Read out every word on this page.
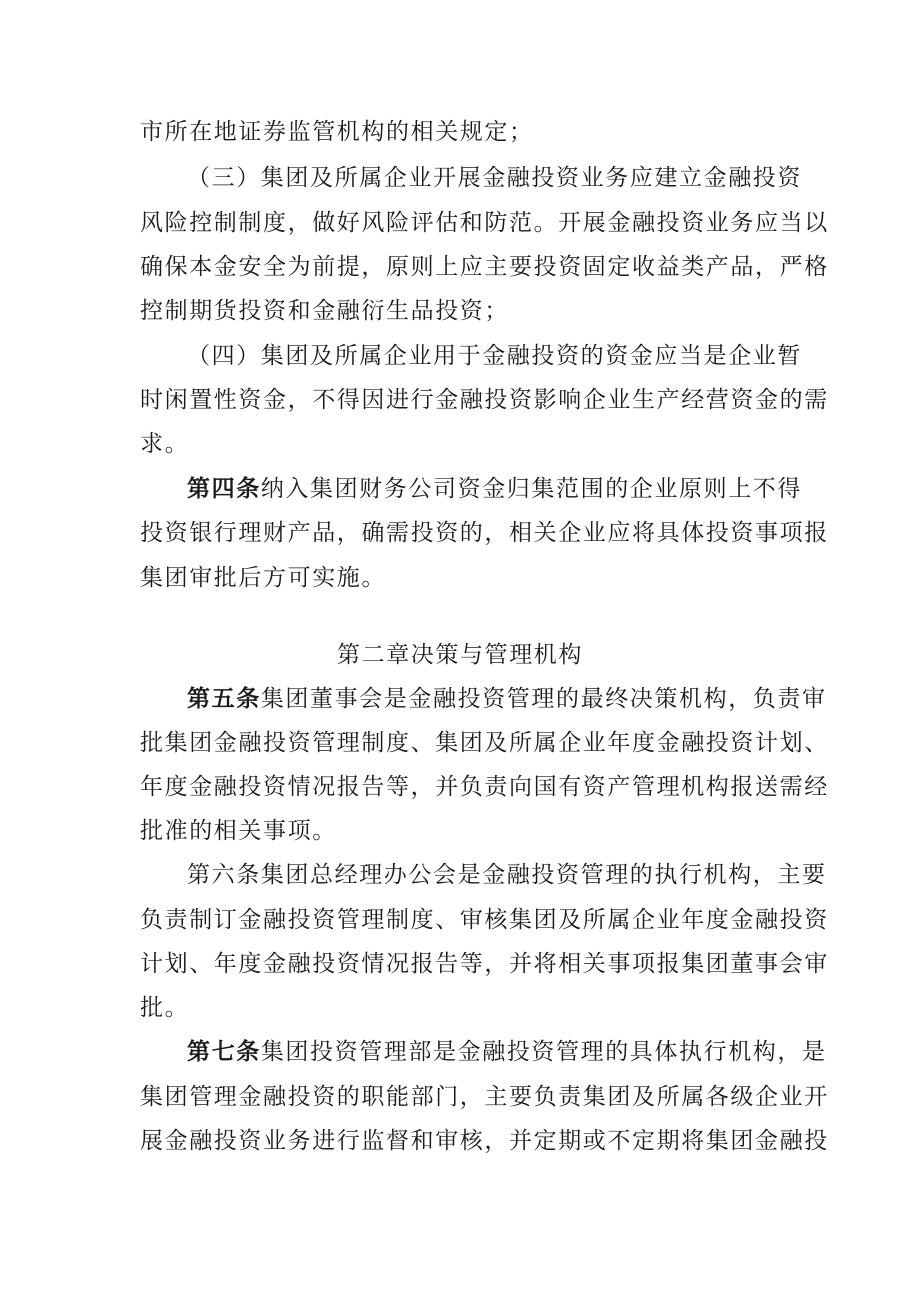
市所在地证券监管机构的相关规定；
（三）集团及所属企业开展金融投资业务应建立金融投资
风险控制制度，做好风险评估和防范。开展金融投资业务应当以
确保本金安全为前提，原则上应主要投资固定收益类产品，严格
控制期货投资和金融衍生品投资；
（四）集团及所属企业用于金融投资的资金应当是企业暂
时闲置性资金，不得因进行金融投资影响企业生产经营资金的需
求。
第四条纳入集团财务公司资金归集范围的企业原则上不得
投资银行理财产品，确需投资的，相关企业应将具体投资事项报
集团审批后方可实施。
第二章决策与管理机构
第五条集团董事会是金融投资管理的最终决策机构，负责审
批集团金融投资管理制度、集团及所属企业年度金融投资计划、
年度金融投资情况报告等，并负责向国有资产管理机构报送需经
批准的相关事项。
第六条集团总经理办公会是金融投资管理的执行机构，主要
负责制订金融投资管理制度、审核集团及所属企业年度金融投资
计划、年度金融投资情况报告等，并将相关事项报集团董事会审
批。
第七条集团投资管理部是金融投资管理的具体执行机构，是
集团管理金融投资的职能部门，主要负责集团及所属各级企业开
展金融投资业务进行监督和审核，并定期或不定期将集团金融投
